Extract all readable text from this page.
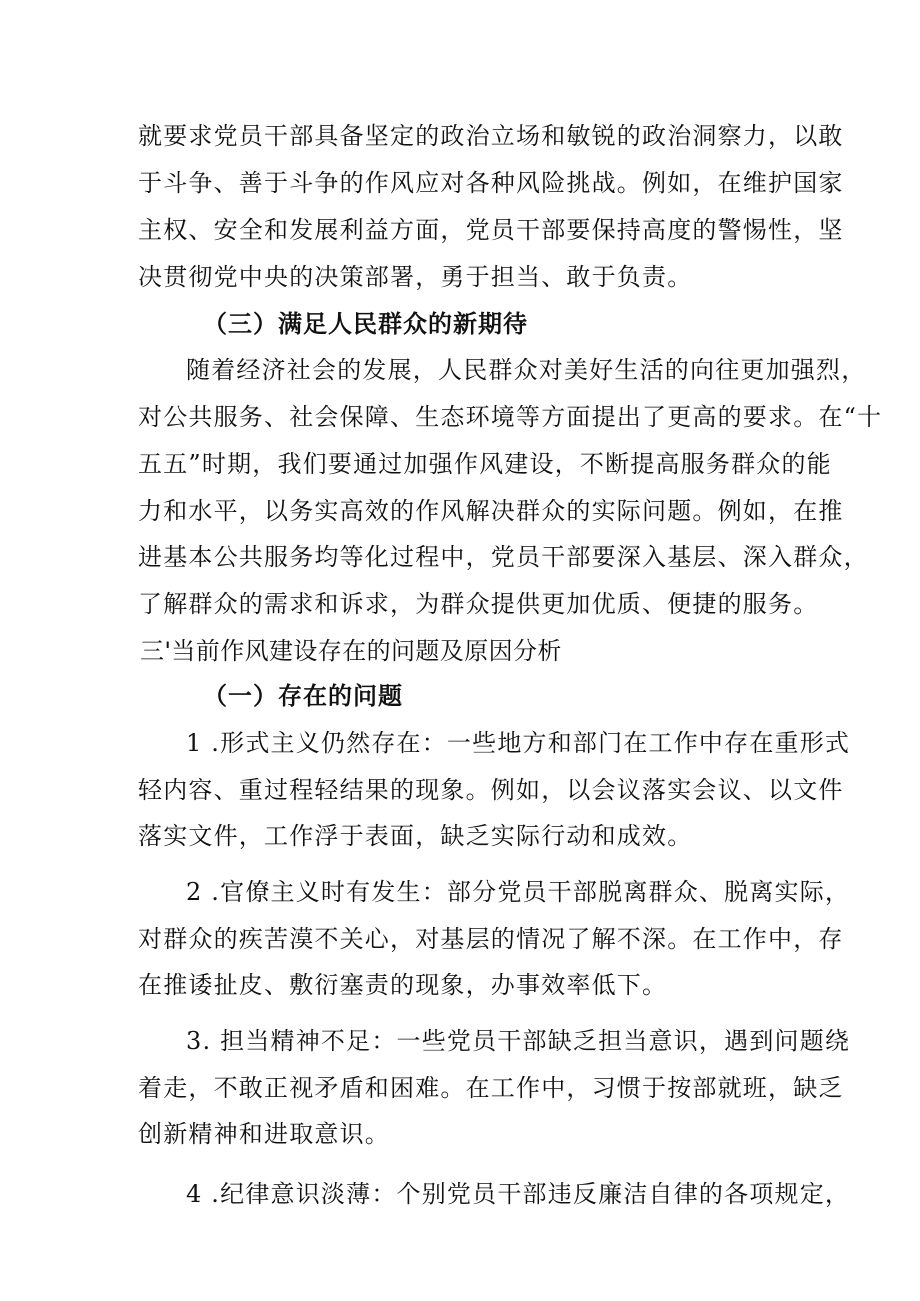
就要求党员干部具备坚定的政治立场和敏锐的政治洞察力，以敢
于斗争、善于斗争的作风应对各种风险挑战。例如，在维护国家
主权、安全和发展利益方面，党员干部要保持高度的警惕性，坚
决贯彻党中央的决策部署，勇于担当、敢于负责。
（三）满足人民群众的新期待
随着经济社会的发展，人民群众对美好生活的向往更加强烈，
对公共服务、社会保障、生态环境等方面提出了更高的要求。在“十
五五”时期，我们要通过加强作风建设，不断提高服务群众的能
力和水平，以务实高效的作风解决群众的实际问题。例如，在推
进基本公共服务均等化过程中，党员干部要深入基层、深入群众，
了解群众的需求和诉求，为群众提供更加优质、便捷的服务。
三'当前作风建设存在的问题及原因分析
（一）存在的问题
1 .形式主义仍然存在：一些地方和部门在工作中存在重形式
轻内容、重过程轻结果的现象。例如，以会议落实会议、以文件
落实文件，工作浮于表面，缺乏实际行动和成效。
2 .官僚主义时有发生：部分党员干部脱离群众、脱离实际，
对群众的疾苦漠不关心，对基层的情况了解不深。在工作中，存
在推诿扯皮、敷衍塞责的现象，办事效率低下。
3. 担当精神不足：一些党员干部缺乏担当意识，遇到问题绕
着走，不敢正视矛盾和困难。在工作中，习惯于按部就班，缺乏
创新精神和进取意识。
4 .纪律意识淡薄：个别党员干部违反廉洁自律的各项规定，
